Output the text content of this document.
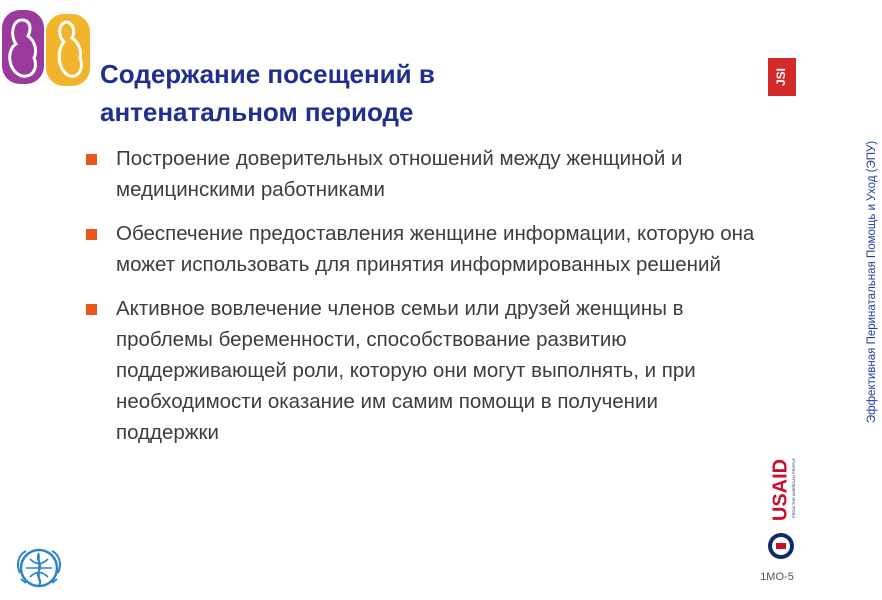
Содержание посещений в
антенатальном периоде
Построение доверительных отношений между женщиной и медицинскими работниками
Обеспечение предоставления женщине информации, которую она может использовать для принятия информированных решений
Активное вовлечение членов семьи или друзей женщины в проблемы беременности, способствование развитию поддерживающей роли, которую они могут выполнять, и при необходимости оказание им самим помощи в получении поддержки
JSI
Эффективная Перинатальная Помощь и Уход (ЭПУ)
USAID FROM THE AMERICAN PEOPLE
1МО-5
